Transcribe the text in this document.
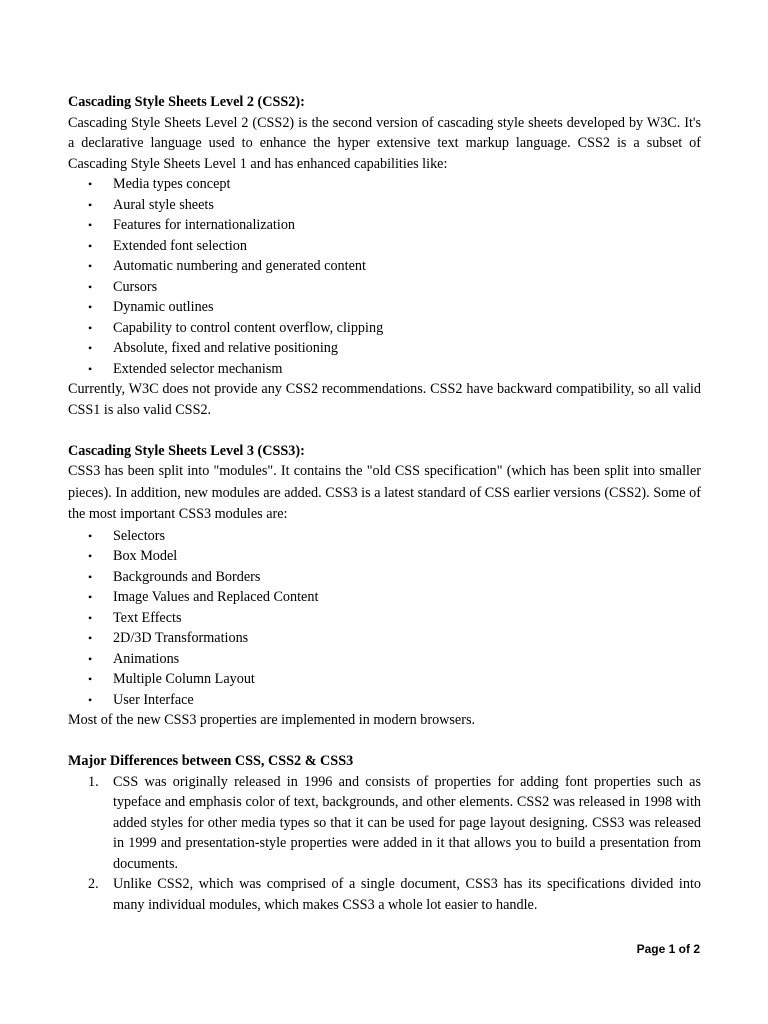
Cascading Style Sheets Level 2 (CSS2):

Cascading Style Sheets Level 2 (CSS2) is the second version of cascading style sheets developed by W3C. It's a declarative language used to enhance the hyper extensive text markup language. CSS2 is a subset of Cascading Style Sheets Level 1 and has enhanced capabilities like:

• Media types concept
• Aural style sheets
• Features for internationalization
• Extended font selection
• Automatic numbering and generated content
• Cursors
• Dynamic outlines
• Capability to control content overflow, clipping
• Absolute, fixed and relative positioning
• Extended selector mechanism

Currently, W3C does not provide any CSS2 recommendations. CSS2 have backward compatibility, so all valid CSS1 is also valid CSS2.

Cascading Style Sheets Level 3 (CSS3):

CSS3 has been split into "modules". It contains the "old CSS specification" (which has been split into smaller pieces). In addition, new modules are added. CSS3 is a latest standard of CSS earlier versions (CSS2). Some of the most important CSS3 modules are:

• Selectors
• Box Model
• Backgrounds and Borders
• Image Values and Replaced Content
• Text Effects
• 2D/3D Transformations
• Animations
• Multiple Column Layout
• User Interface

Most of the new CSS3 properties are implemented in modern browsers.

Major Differences between CSS, CSS2 & CSS3

1. CSS was originally released in 1996 and consists of properties for adding font properties such as typeface and emphasis color of text, backgrounds, and other elements. CSS2 was released in 1998 with added styles for other media types so that it can be used for page layout designing. CSS3 was released in 1999 and presentation-style properties were added in it that allows you to build a presentation from documents.
2. Unlike CSS2, which was comprised of a single document, CSS3 has its specifications divided into many individual modules, which makes CSS3 a whole lot easier to handle.
Page 1 of 2
